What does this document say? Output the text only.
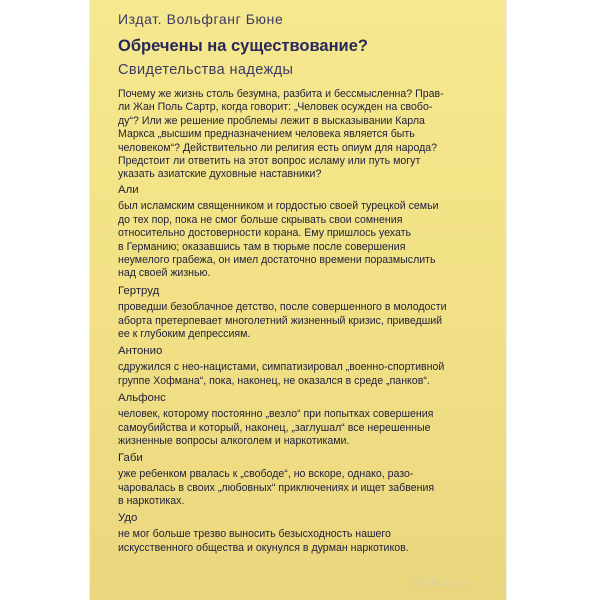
Издат. Вольфганг Бюне
Обречены на существование?
Свидетельства надежды
Почему же жизнь столь безумна, разбита и бессмысленна? Прав-
ли Жан Поль Сартр, когда говорит: „Человек осужден на свобо-
ду“? Или же решение проблемы лежит в высказывании Карла
Маркса „высшим предназначением человека является быть
человеком“? Действительно ли религия есть опиум для народа?
Предстоит ли ответить на этот вопрос исламу или путь могут
указать азиатские духовные наставники?
Али
был исламским священником и гордостью своей турецкой семьи
до тех пор, пока не смог больше скрывать свои сомнения
относительно достоверности корана. Ему пришлось уехать
в Германию; оказавшись там в тюрьме после совершения
неумелого грабежа, он имел достаточно времени поразмыслить
над своей жизнью.
Гертруд
проведши безоблачное детство, после совершенного в молодости
аборта претерпевает многолетний жизненный кризис, приведший
ее к глубоким депрессиям.
Антонио
сдружился с нео-нацистами, симпатизировал „военно-спортивной
группе Хофмана“, пока, наконец, не оказался в среде „панков“.
Альфонс
человек, которому постоянно „везло“ при попытках совершения
самоубийства и который, наконец, „заглушал“ все нерешенные
жизненные вопросы алкоголем и наркотиками.
Габи
уже ребенком рвалась к „свободе“, но вскоре, однако, разо-
чаровалась в своих „любовных“ приключениях и ищет забвения
в наркотиках.
Удо
не мог больше трезво выносить безысходность нашего
искусственного общества и окунулся в дурман наркотиков.
biblia.in.ua
